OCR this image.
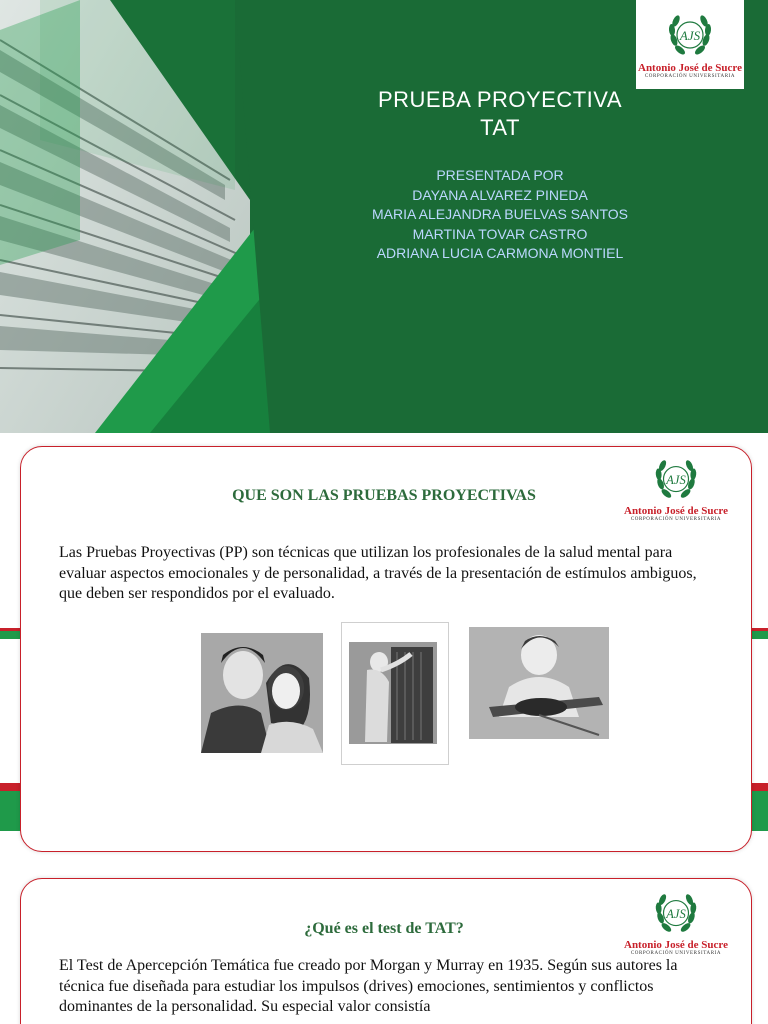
PRUEBA PROYECTIVA
TAT
PRESENTADA POR
DAYANA ALVAREZ PINEDA
MARIA ALEJANDRA BUELVAS SANTOS
MARTINA TOVAR CASTRO
ADRIANA LUCIA CARMONA MONTIEL
AJS
Antonio José de Sucre
CORPORACIÓN UNIVERSITARIA
QUE SON LAS PRUEBAS PROYECTIVAS
Las Pruebas Proyectivas (PP) son técnicas que utilizan los profesionales de la salud mental para evaluar aspectos emocionales y de personalidad, a través de la presentación de estímulos ambiguos, que deben ser respondidos por el evaluado.
AJS
Antonio José de Sucre
CORPORACIÓN UNIVERSITARIA
¿Qué es el test de TAT?
El Test de Apercepción Temática fue creado por Morgan y Murray en 1935. Según sus autores la técnica fue diseñada para estudiar los impulsos (drives) emociones, sentimientos y conflictos dominantes de la personalidad. Su especial valor consistía
AJS
Antonio José de Sucre
CORPORACIÓN UNIVERSITARIA
